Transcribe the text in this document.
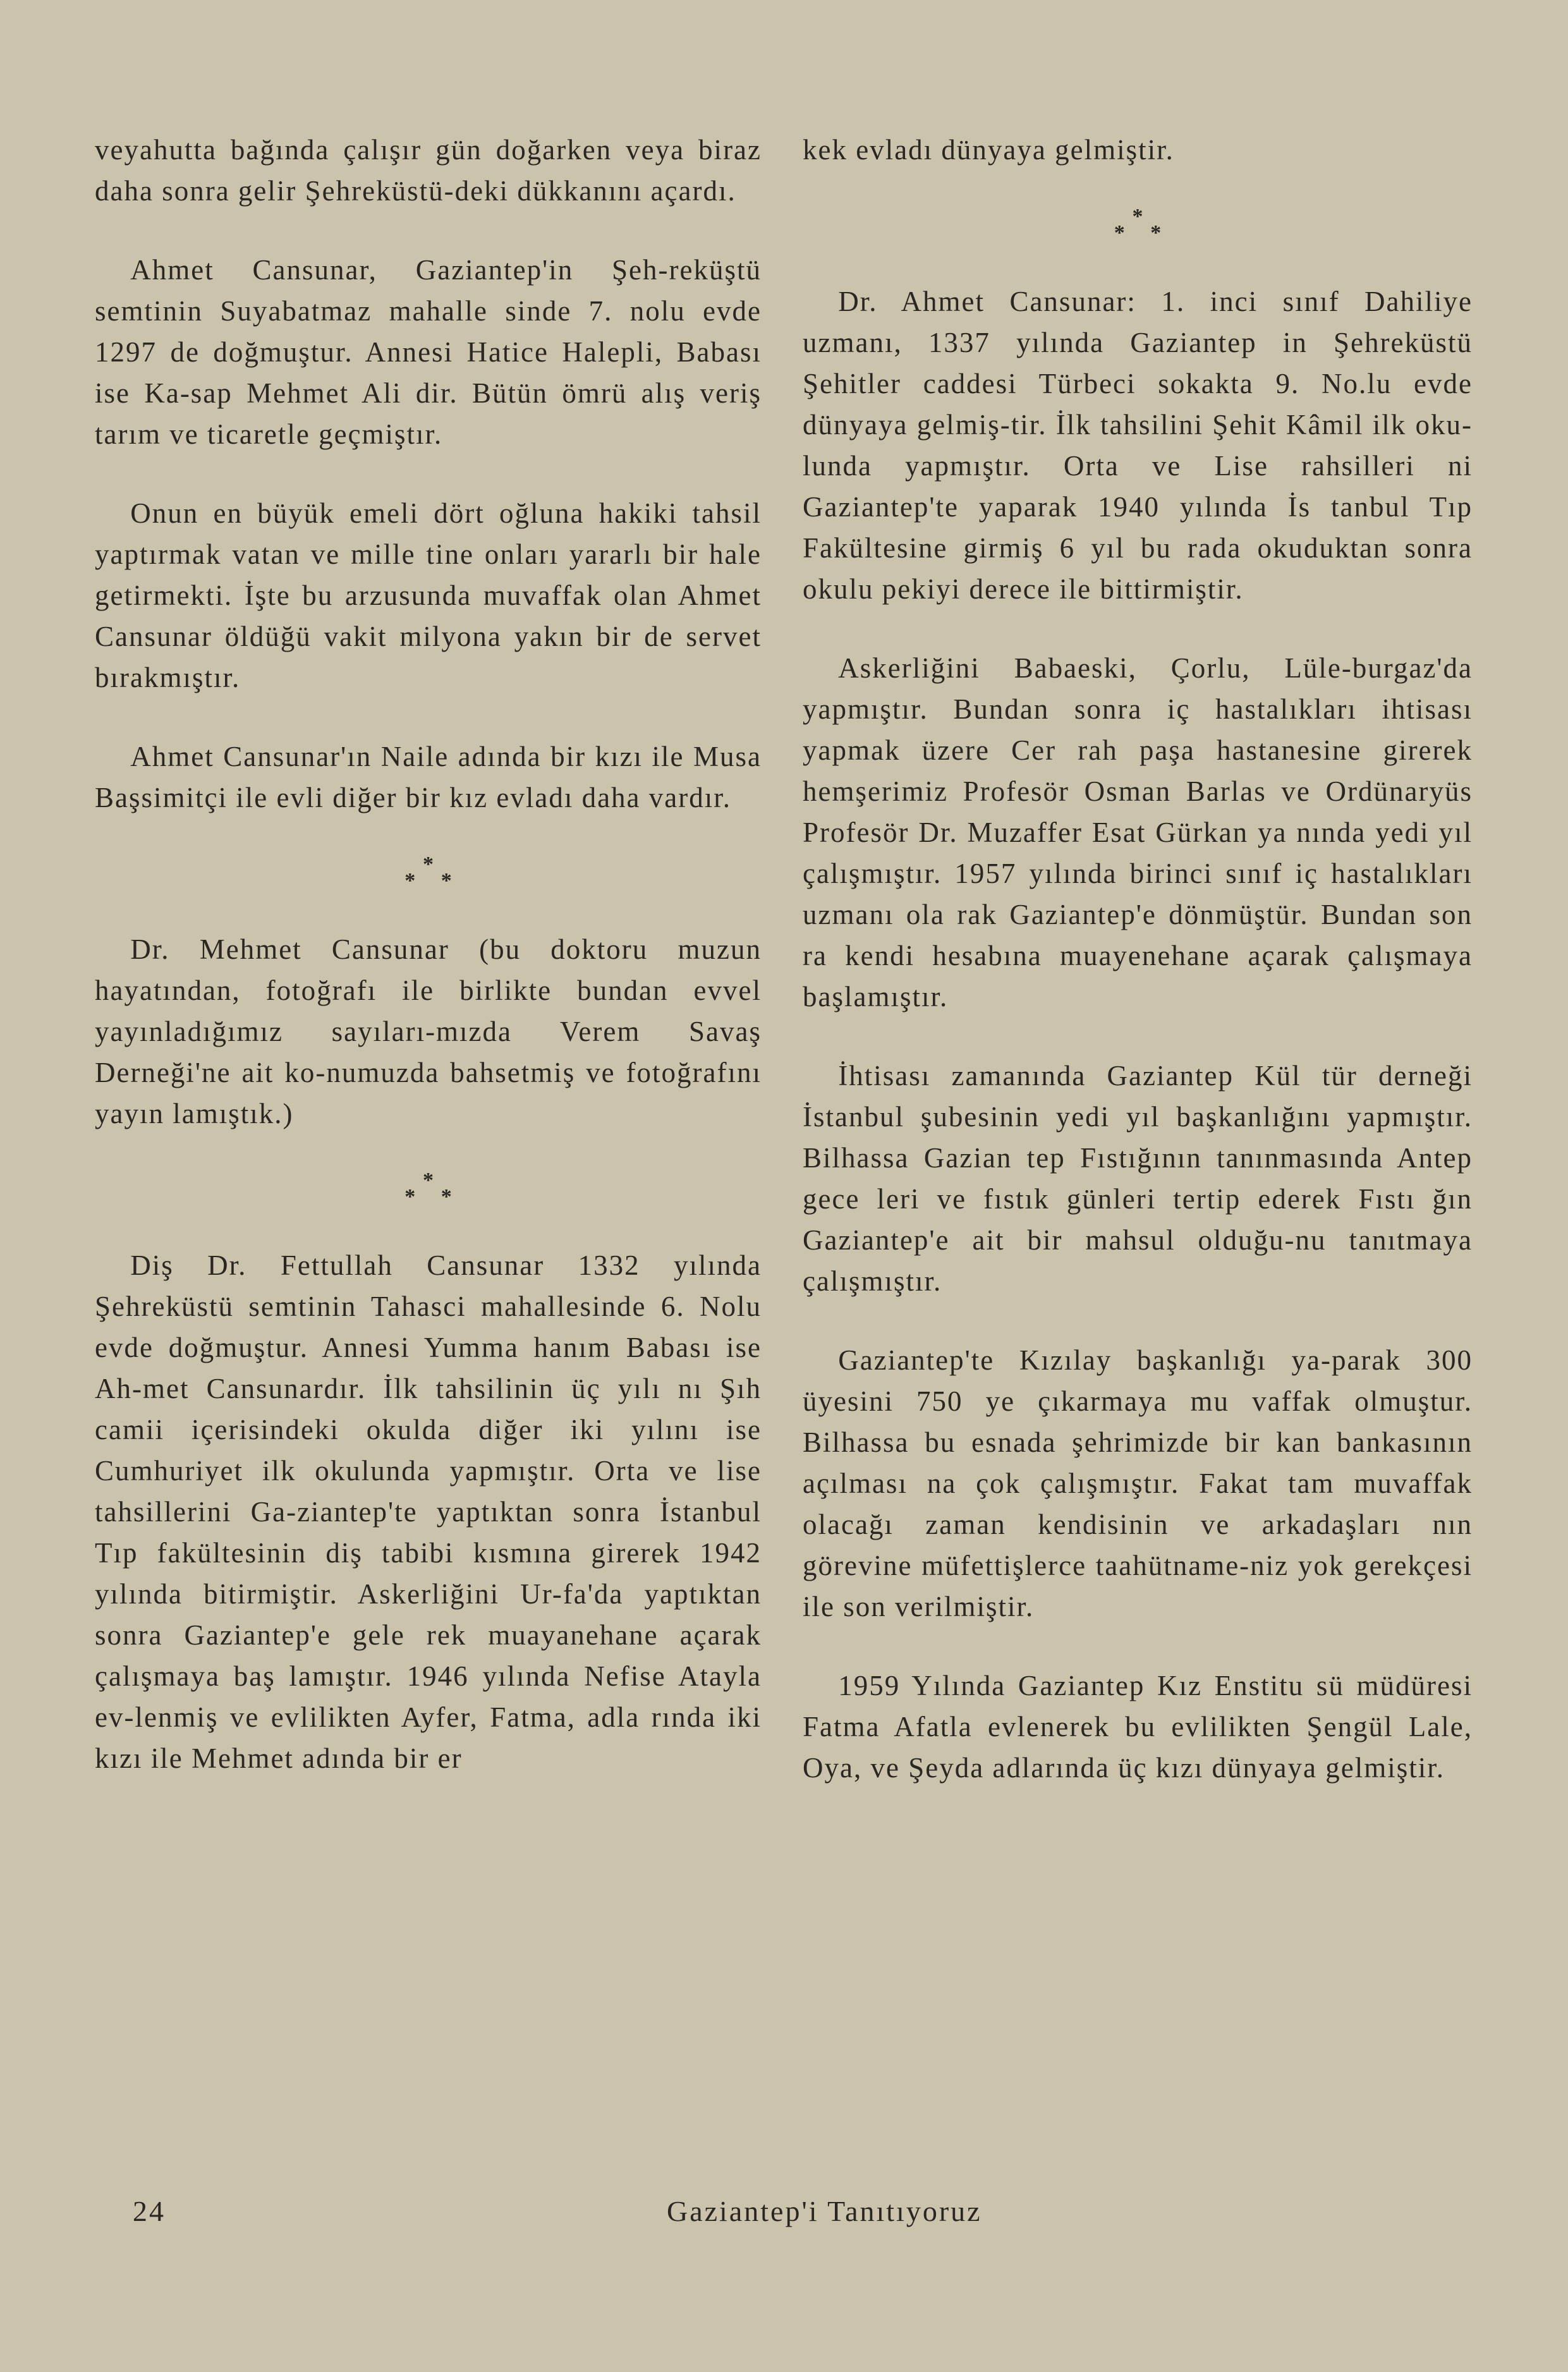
veyahutta bağında çalışır gün doğarken veya biraz daha sonra gelir Şehreküstü-deki dükkanını açardı.

Ahmet Cansunar, Gaziantep'in Şeh-reküştü semtinin Suyabatmaz mahalle sinde 7. nolu evde 1297 de doğmuştur. Annesi Hatice Halepli, Babası ise Ka-sap Mehmet Ali dir. Bütün ömrü alış veriş tarım ve ticaretle geçmiştır.

Onun en büyük emeli dört oğluna hakiki tahsil yaptırmak vatan ve mille tine onları yararlı bir hale getirmekti. İşte bu arzusunda muvaffak olan Ahmet Cansunar öldüğü vakit milyona yakın bir de servet bırakmıştır.

Ahmet Cansunar'ın Naile adında bir kızı ile Musa Başsimitçi ile evli diğer bir kız evladı daha vardır.

*
* *

Dr. Mehmet Cansunar (bu doktoru muzun hayatından, fotoğrafı ile birlikte bundan evvel yayınladığımız sayıları-mızda Verem Savaş Derneği'ne ait ko-numuzda bahsetmiş ve fotoğrafını yayın lamıştık.)

*
* *

Diş Dr. Fettullah Cansunar 1332 yılında Şehreküstü semtinin Tahasci mahallesinde 6. Nolu evde doğmuştur. Annesi Yumma hanım Babası ise Ah-met Cansunardır. İlk tahsilinin üç yılı nı Şıh camii içerisindeki okulda diğer iki yılını ise Cumhuriyet ilk okulunda yapmıştır. Orta ve lise tahsillerini Ga-ziantep'te yaptıktan sonra İstanbul Tıp fakültesinin diş tabibi kısmına girerek 1942 yılında bitirmiştir. Askerliğini Ur-fa'da yaptıktan sonra Gaziantep'e gele rek muayanehane açarak çalışmaya baş lamıştır. 1946 yılında Nefise Atayla ev-lenmiş ve evlilikten Ayfer, Fatma, adla rında iki kızı ile Mehmet adında bir er

kek evladı dünyaya gelmiştir.

*
* *

Dr. Ahmet Cansunar: 1. inci sınıf Dahiliye uzmanı, 1337 yılında Gaziantep in Şehreküstü Şehitler caddesi Türbeci sokakta 9. No.lu evde dünyaya gelmiş-tir. İlk tahsilini Şehit Kâmil ilk oku-lunda yapmıştır. Orta ve Lise rahsilleri ni Gaziantep'te yaparak 1940 yılında İs tanbul Tıp Fakültesine girmiş 6 yıl bu rada okuduktan sonra okulu pekiyi derece ile bittirmiştir.

Askerliğini Babaeski, Çorlu, Lüle-burgaz'da yapmıştır. Bundan sonra iç hastalıkları ihtisası yapmak üzere Cer rah paşa hastanesine girerek hemşerimiz Profesör Osman Barlas ve Ordünaryüs Profesör Dr. Muzaffer Esat Gürkan ya nında yedi yıl çalışmıştır. 1957 yılında birinci sınıf iç hastalıkları uzmanı ola rak Gaziantep'e dönmüştür. Bundan son ra kendi hesabına muayenehane açarak çalışmaya başlamıştır.

İhtisası zamanında Gaziantep Kül tür derneği İstanbul şubesinin yedi yıl başkanlığını yapmıştır. Bilhassa Gazian tep Fıstığının tanınmasında Antep gece leri ve fıstık günleri tertip ederek Fıstı ğın Gaziantep'e ait bir mahsul olduğu-nu tanıtmaya çalışmıştır.

Gaziantep'te Kızılay başkanlığı ya-parak 300 üyesini 750 ye çıkarmaya mu vaffak olmuştur. Bilhassa bu esnada şehrimizde bir kan bankasının açılması na çok çalışmıştır. Fakat tam muvaffak olacağı zaman kendisinin ve arkadaşları nın görevine müfettişlerce taahütname-niz yok gerekçesi ile son verilmiştir.

1959 Yılında Gaziantep Kız Enstitu sü müdüresi Fatma Afatla evlenerek bu evlilikten Şengül Lale, Oya, ve Şeyda adlarında üç kızı dünyaya gelmiştir.

24	Gaziantep'i Tanıtıyoruz
